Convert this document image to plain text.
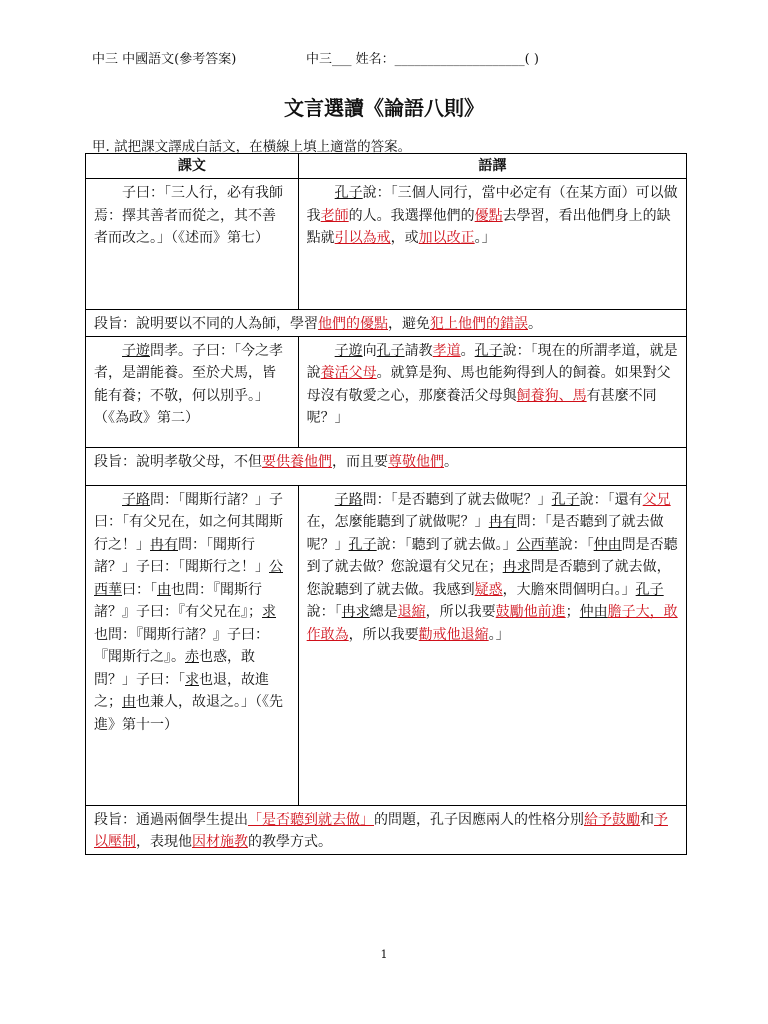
中三 中國語文(參考答案)	中三___ 姓名：____________________( )
文言選讀《論語八則》
甲. 試把課文譯成白話文，在橫線上填上適當的答案。
課文	語譯

子曰：「三人行，必有我師焉：擇其善者而從之，其不善者而改之。」（《述而》第七）	孔子說：「三個人同行，當中必定有（在某方面）可以做我老師的人。我選擇他們的優點去學習，看出他們身上的缺點就引以為戒，或加以改正。」

段旨：說明要以不同的人為師，學習他們的優點，避免犯上他們的錯誤。	

子遊問孝。子曰：「今之孝者，是謂能養。至於犬馬，皆能有養；不敬，何以別乎。」（《為政》第二）	子遊向孔子請教孝道。孔子說：「現在的所謂孝道，就是說養活父母。就算是狗、馬也能夠得到人的飼養。如果對父母沒有敬愛之心，那麼養活父母與飼養狗、馬有甚麼不同呢？」

段旨：說明孝敬父母，不但要供養他們，而且要尊敬他們。	

子路問：「聞斯行諸？」子曰：「有父兄在，如之何其聞斯行之！」冉有問：「聞斯行諸？」子曰：「聞斯行之！」公西華曰：「由也問：『聞斯行諸？』子曰：『有父兄在』；求也問：『聞斯行諸？』子曰：『聞斯行之』。赤也惑，敢問？」子曰：「求也退，故進之；由也兼人，故退之。」（《先進》第十一）	子路問：「是否聽到了就去做呢？」孔子說：「還有父兄在，怎麼能聽到了就做呢？」冉有問：「是否聽到了就去做呢？」孔子說：「聽到了就去做。」公西華說：「仲由問是否聽到了就去做？您說還有父兄在；冉求問是否聽到了就去做，您說聽到了就去做。我感到疑惑，大膽來問個明白。」孔子說：「冉求總是退縮，所以我要鼓勵他前進；仲由膽子大，敢作敢為，所以我要勸戒他退縮。」

段旨：通過兩個學生提出「是否聽到就去做」的問題，孔子因應兩人的性格分別給予鼓勵和予以壓制，表現他因材施教的教學方式。	
1
